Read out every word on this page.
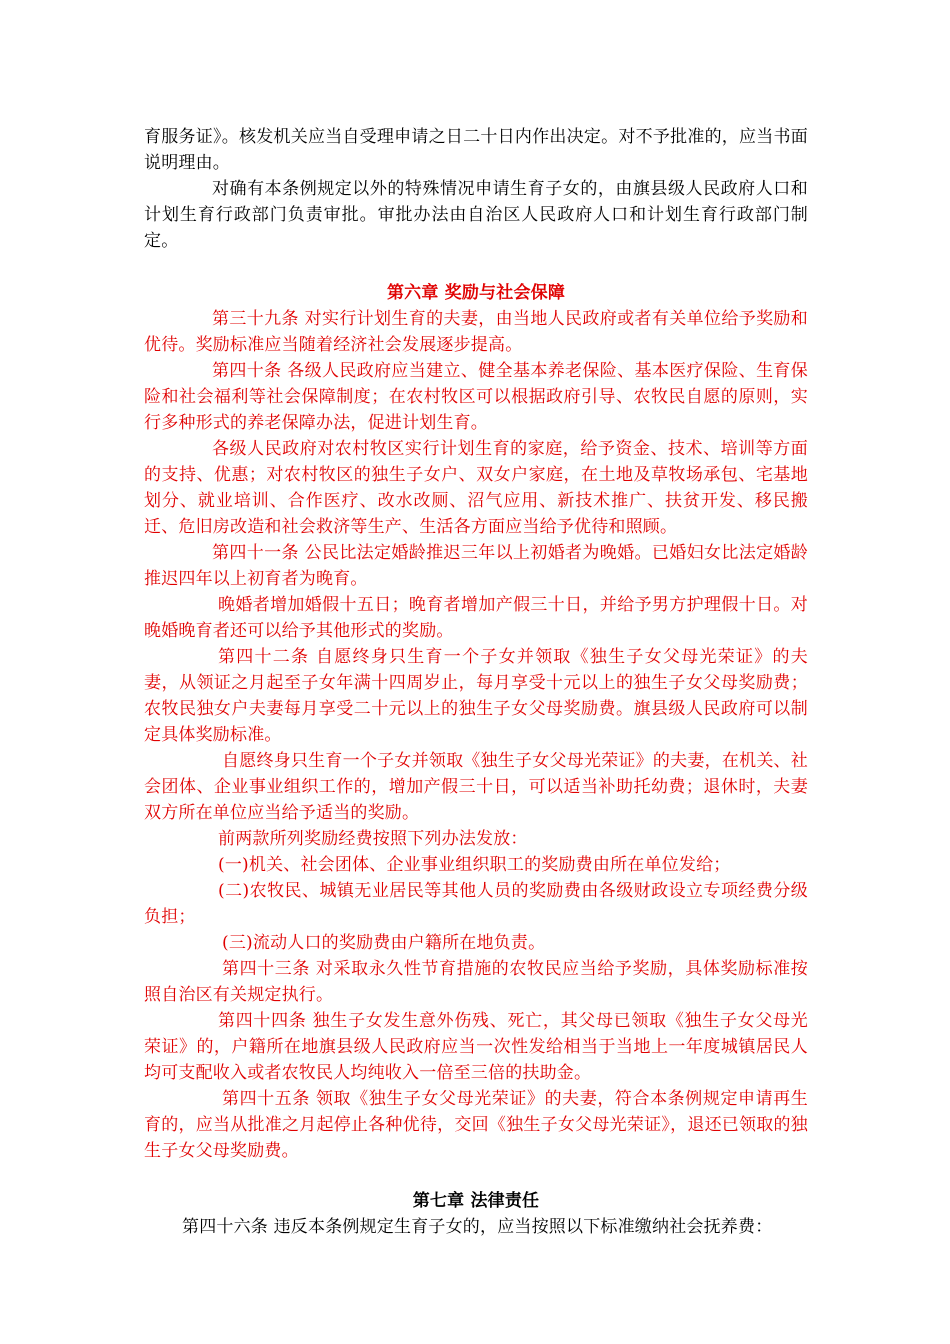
育服务证》。核发机关应当自受理申请之日二十日内作出决定。对不予批准的，应当书面说明理由。

对确有本条例规定以外的特殊情况申请生育子女的，由旗县级人民政府人口和计划生育行政部门负责审批。审批办法由自治区人民政府人口和计划生育行政部门制定。

第六章 奖励与社会保障

第三十九条 对实行计划生育的夫妻，由当地人民政府或者有关单位给予奖励和优待。奖励标准应当随着经济社会发展逐步提高。

第四十条 各级人民政府应当建立、健全基本养老保险、基本医疗保险、生育保险和社会福利等社会保障制度；在农村牧区可以根据政府引导、农牧民自愿的原则，实行多种形式的养老保障办法，促进计划生育。

各级人民政府对农村牧区实行计划生育的家庭，给予资金、技术、培训等方面的支持、优惠；对农村牧区的独生子女户、双女户家庭，在土地及草牧场承包、宅基地划分、就业培训、合作医疗、改水改厕、沼气应用、新技术推广、扶贫开发、移民搬迁、危旧房改造和社会救济等生产、生活各方面应当给予优待和照顾。

第四十一条 公民比法定婚龄推迟三年以上初婚者为晚婚。已婚妇女比法定婚龄推迟四年以上初育者为晚育。

晚婚者增加婚假十五日；晚育者增加产假三十日，并给予男方护理假十日。对晚婚晚育者还可以给予其他形式的奖励。

第四十二条 自愿终身只生育一个子女并领取《独生子女父母光荣证》的夫妻，从领证之月起至子女年满十四周岁止，每月享受十元以上的独生子女父母奖励费；农牧民独女户夫妻每月享受二十元以上的独生子女父母奖励费。旗县级人民政府可以制定具体奖励标准。

自愿终身只生育一个子女并领取《独生子女父母光荣证》的夫妻，在机关、社会团体、企业事业组织工作的，增加产假三十日，可以适当补助托幼费；退休时，夫妻双方所在单位应当给予适当的奖励。

前两款所列奖励经费按照下列办法发放：

(一)机关、社会团体、企业事业组织职工的奖励费由所在单位发给；

(二)农牧民、城镇无业居民等其他人员的奖励费由各级财政设立专项经费分级负担；

(三)流动人口的奖励费由户籍所在地负责。

第四十三条 对采取永久性节育措施的农牧民应当给予奖励，具体奖励标准按照自治区有关规定执行。

第四十四条 独生子女发生意外伤残、死亡，其父母已领取《独生子女父母光荣证》的，户籍所在地旗县级人民政府应当一次性发给相当于当地上一年度城镇居民人均可支配收入或者农牧民人均纯收入一倍至三倍的扶助金。

第四十五条 领取《独生子女父母光荣证》的夫妻，符合本条例规定申请再生育的，应当从批准之月起停止各种优待，交回《独生子女父母光荣证》，退还已领取的独生子女父母奖励费。

第七章 法律责任

第四十六条 违反本条例规定生育子女的，应当按照以下标准缴纳社会抚养费：
